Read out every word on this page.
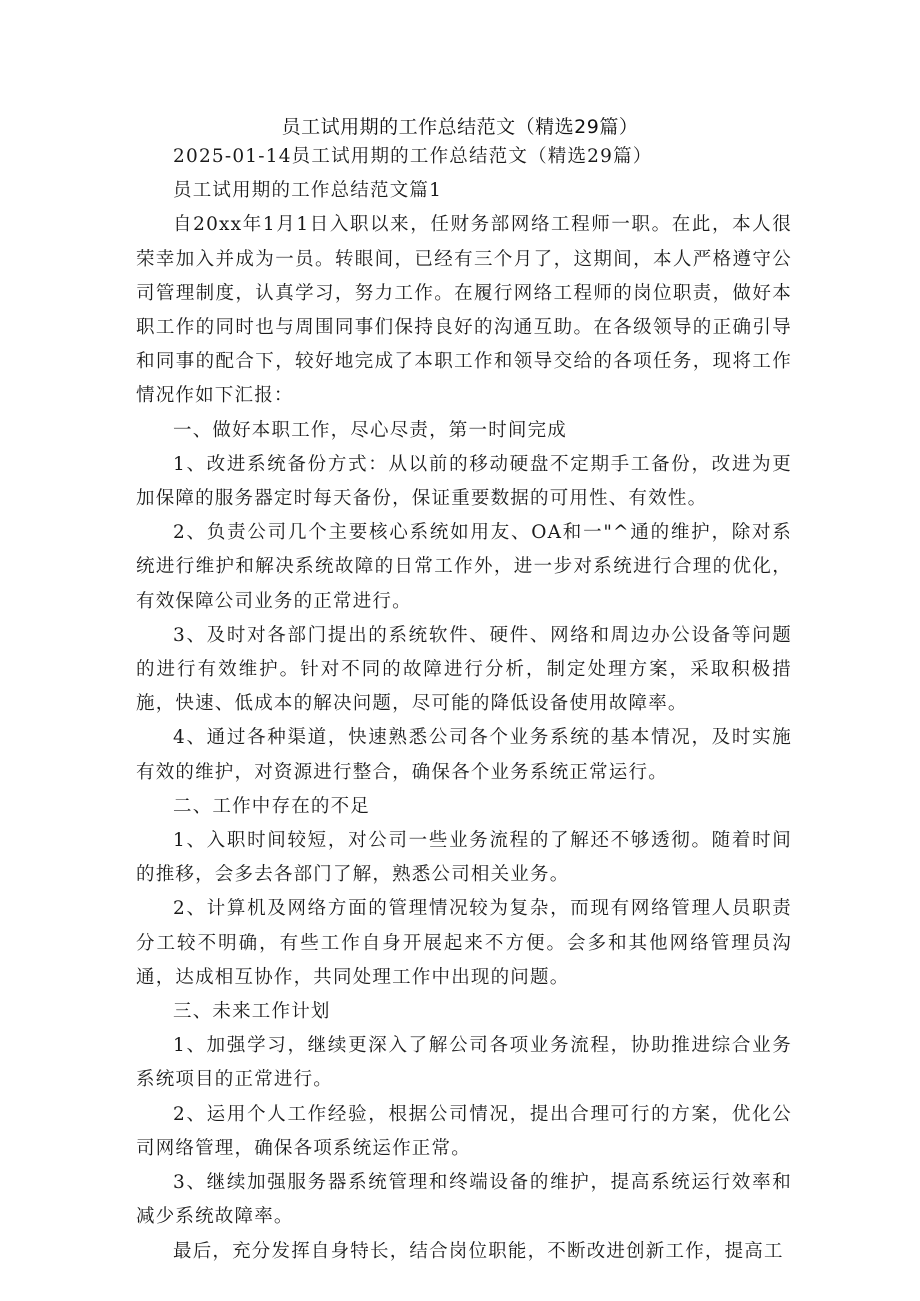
员工试用期的工作总结范文（精选29篇）

2025-01-14员工试用期的工作总结范文（精选29篇）

员工试用期的工作总结范文篇1

自20xx年1月1日入职以来，任财务部网络工程师一职。在此，本人很荣幸加入并成为一员。转眼间，已经有三个月了，这期间，本人严格遵守公司管理制度，认真学习，努力工作。在履行网络工程师的岗位职责，做好本职工作的同时也与周围同事们保持良好的沟通互助。在各级领导的正确引导和同事的配合下，较好地完成了本职工作和领导交给的各项任务，现将工作情况作如下汇报：

一、做好本职工作，尽心尽责，第一时间完成

1、改进系统备份方式：从以前的移动硬盘不定期手工备份，改进为更加保障的服务器定时每天备份，保证重要数据的可用性、有效性。

2、负责公司几个主要核心系统如用友、OA和一"^通的维护，除对系统进行维护和解决系统故障的日常工作外，进一步对系统进行合理的优化，有效保障公司业务的正常进行。

3、及时对各部门提出的系统软件、硬件、网络和周边办公设备等问题的进行有效维护。针对不同的故障进行分析，制定处理方案，采取积极措施，快速、低成本的解决问题，尽可能的降低设备使用故障率。

4、通过各种渠道，快速熟悉公司各个业务系统的基本情况，及时实施有效的维护，对资源进行整合，确保各个业务系统正常运行。

二、工作中存在的不足

1、入职时间较短，对公司一些业务流程的了解还不够透彻。随着时间的推移，会多去各部门了解，熟悉公司相关业务。

2、计算机及网络方面的管理情况较为复杂，而现有网络管理人员职责分工较不明确，有些工作自身开展起来不方便。会多和其他网络管理员沟通，达成相互协作，共同处理工作中出现的问题。

三、未来工作计划

1、加强学习，继续更深入了解公司各项业务流程，协助推进综合业务系统项目的正常进行。

2、运用个人工作经验，根据公司情况，提出合理可行的方案，优化公司网络管理，确保各项系统运作正常。

3、继续加强服务器系统管理和终端设备的维护，提高系统运行效率和减少系统故障率。

最后，充分发挥自身特长，结合岗位职能，不断改进创新工作，提高工
